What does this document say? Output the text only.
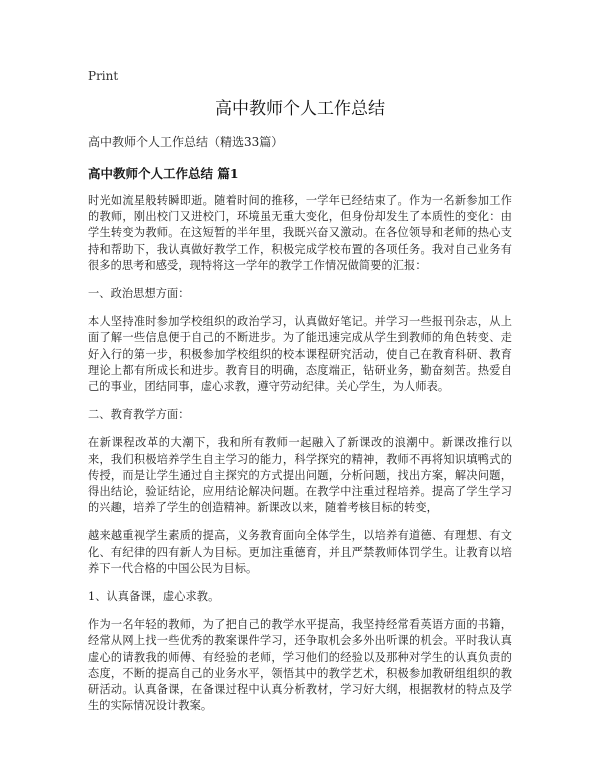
Print
高中教师个人工作总结
高中教师个人工作总结（精选33篇）
高中教师个人工作总结 篇1

时光如流星般转瞬即逝。随着时间的推移，一学年已经结束了。作为一名新参加工作的教师，刚出校门又进校门，环境虽无重大变化，但身份却发生了本质性的变化：由学生转变为教师。在这短暂的半年里，我既兴奋又激动。在各位领导和老师的热心支持和帮助下，我认真做好教学工作，积极完成学校布置的各项任务。我对自己业务有很多的思考和感受，现特将这一学年的教学工作情况做简要的汇报：

一、政治思想方面：

本人坚持准时参加学校组织的政治学习，认真做好笔记。并学习一些报刊杂志，从上面了解一些信息便于自己的不断进步。为了能迅速完成从学生到教师的角色转变、走好入行的第一步，积极参加学校组织的校本课程研究活动，使自己在教育科研、教育理论上都有所成长和进步。教育目的明确，态度端正，钻研业务，勤奋刻苦。热爱自己的事业，团结同事，虚心求教，遵守劳动纪律。关心学生，为人师表。

二、教育教学方面：

在新课程改革的大潮下，我和所有教师一起融入了新课改的浪潮中。新课改推行以来，我们积极培养学生自主学习的能力，科学探究的精神，教师不再将知识填鸭式的传授，而是让学生通过自主探究的方式提出问题，分析问题，找出方案，解决问题，得出结论，验证结论，应用结论解决问题。在教学中注重过程培养。提高了学生学习的兴趣，培养了学生的创造精神。新课改以来，随着考核目标的转变，

越来越重视学生素质的提高，义务教育面向全体学生，以培养有道德、有理想、有文化、有纪律的四有新人为目标。更加注重德育，并且严禁教师体罚学生。让教育以培养下一代合格的中国公民为目标。

1、认真备课，虚心求教。

作为一名年轻的教师，为了把自己的教学水平提高，我坚持经常看英语方面的书籍，经常从网上找一些优秀的教案课件学习，还争取机会多外出听课的机会。平时我认真虚心的请教我的师傅、有经验的老师，学习他们的经验以及那种对学生的认真负责的态度，不断的提高自己的业务水平，领悟其中的教学艺术，积极参加教研组组织的教研活动。认真备课，在备课过程中认真分析教材，学习好大纲，根据教材的特点及学生的实际情况设计教案。
